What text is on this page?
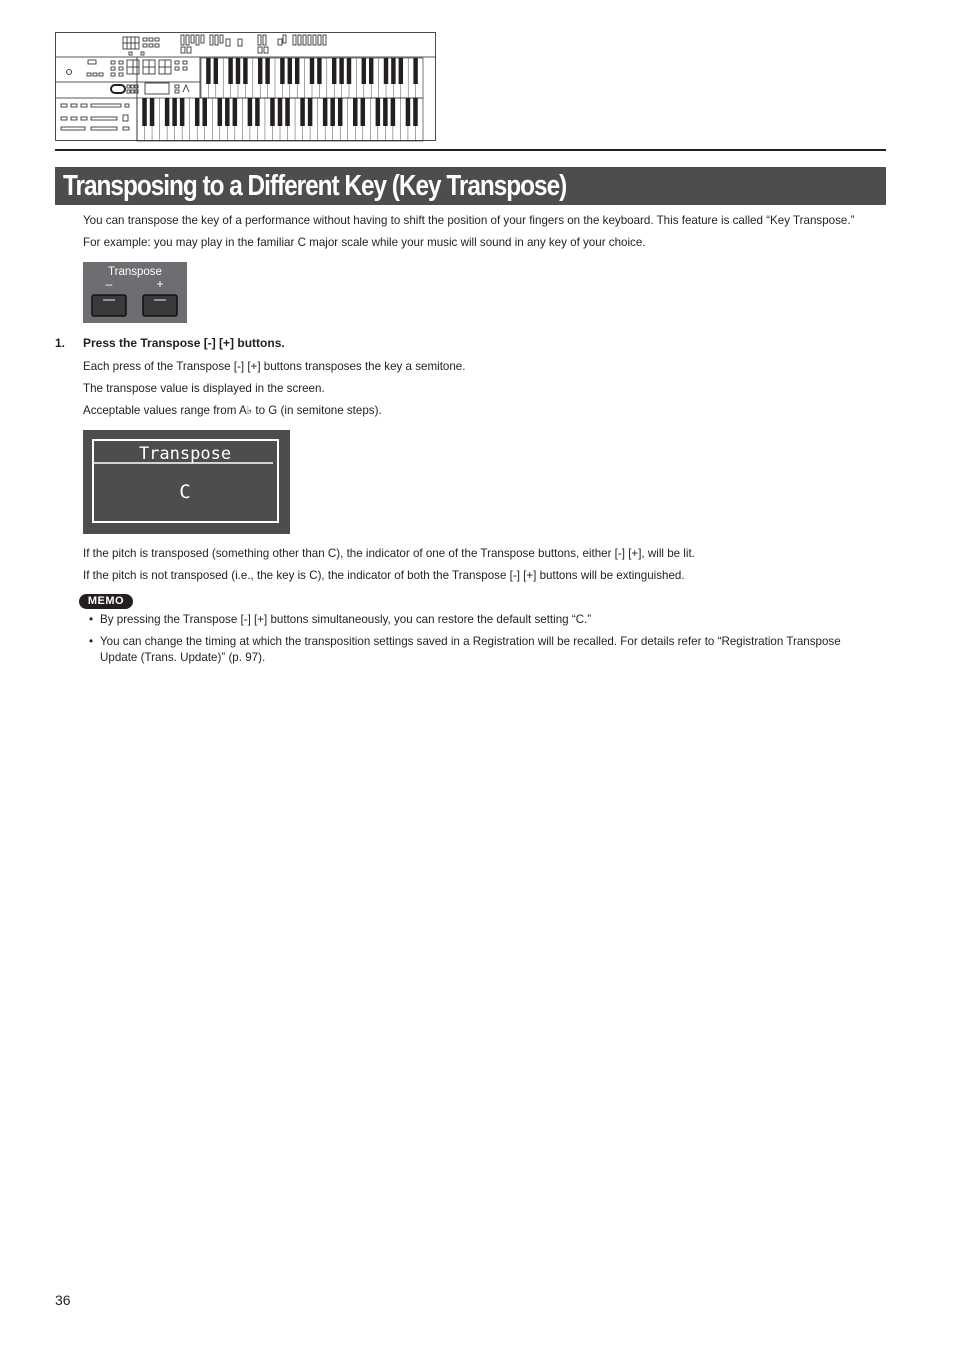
Transposing to a Different Key (Key Transpose)
You can transpose the key of a performance without having to shift the position of your fingers on the keyboard. This feature is called “Key Transpose.”
For example: you may play in the familiar C major scale while your music will sound in any key of your choice.
Transpose
–	+
1. Press the Transpose [-] [+] buttons.
Each press of the Transpose [-] [+] buttons transposes the key a semitone.
The transpose value is displayed in the screen.
Acceptable values range from A♭ to G (in semitone steps).
Transpose
C
If the pitch is transposed (something other than C), the indicator of one of the Transpose buttons, either [-] [+], will be lit.
If the pitch is not transposed (i.e., the key is C), the indicator of both the Transpose [-] [+] buttons will be extinguished.
MEMO
• By pressing the Transpose [-] [+] buttons simultaneously, you can restore the default setting “C.”
• You can change the timing at which the transposition settings saved in a Registration will be recalled. For details refer to “Registration Transpose
Update (Trans. Update)” (p. 97).
36
